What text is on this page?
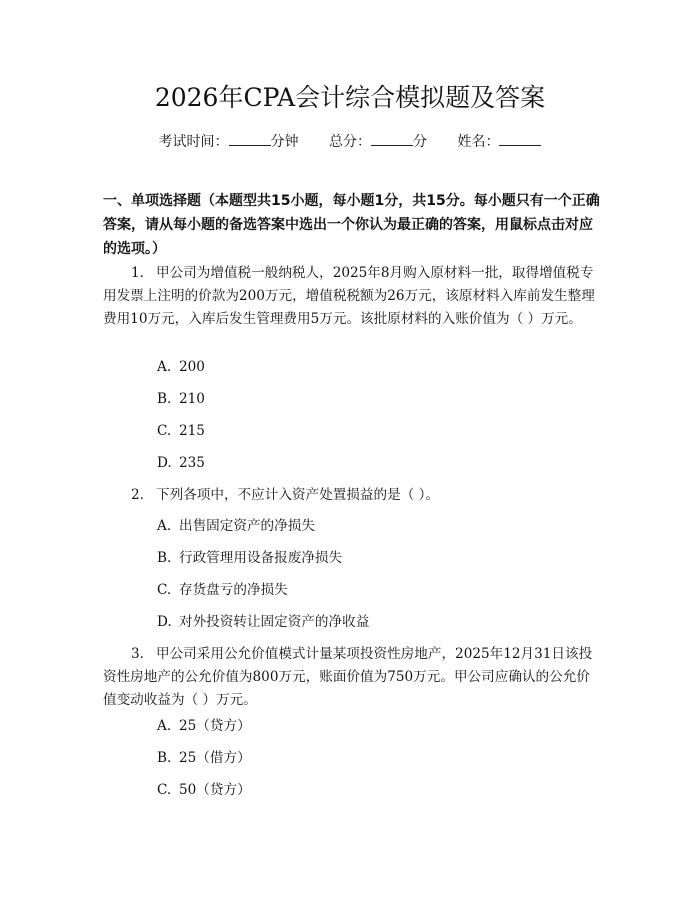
2026年CPA会计综合模拟题及答案
考试时间：	分钟 总分：	分 姓名：
一、单项选择题（本题型共15小题，每小题1分，共15分。每小题只有一个正确答案，请从每小题的备选答案中选出一个你认为最正确的答案，用鼠标点击对应的选项。）
1. 甲公司为增值税一般纳税人，2025年8月购入原材料一批，取得增值税专用发票上注明的价款为200万元，增值税税额为26万元，该原材料入库前发生整理费用10万元，入库后发生管理费用5万元。该批原材料的入账价值为（ ）万元。
A. 200
B. 210
C. 215
D. 235
2. 下列各项中，不应计入资产处置损益的是（ ）。
A. 出售固定资产的净损失
B. 行政管理用设备报废净损失
C. 存货盘亏的净损失
D. 对外投资转让固定资产的净收益
3. 甲公司采用公允价值模式计量某项投资性房地产，2025年12月31日该投资性房地产的公允价值为800万元，账面价值为750万元。甲公司应确认的公允价值变动收益为（ ）万元。
A. 25（贷方）
B. 25（借方）
C. 50（贷方）
